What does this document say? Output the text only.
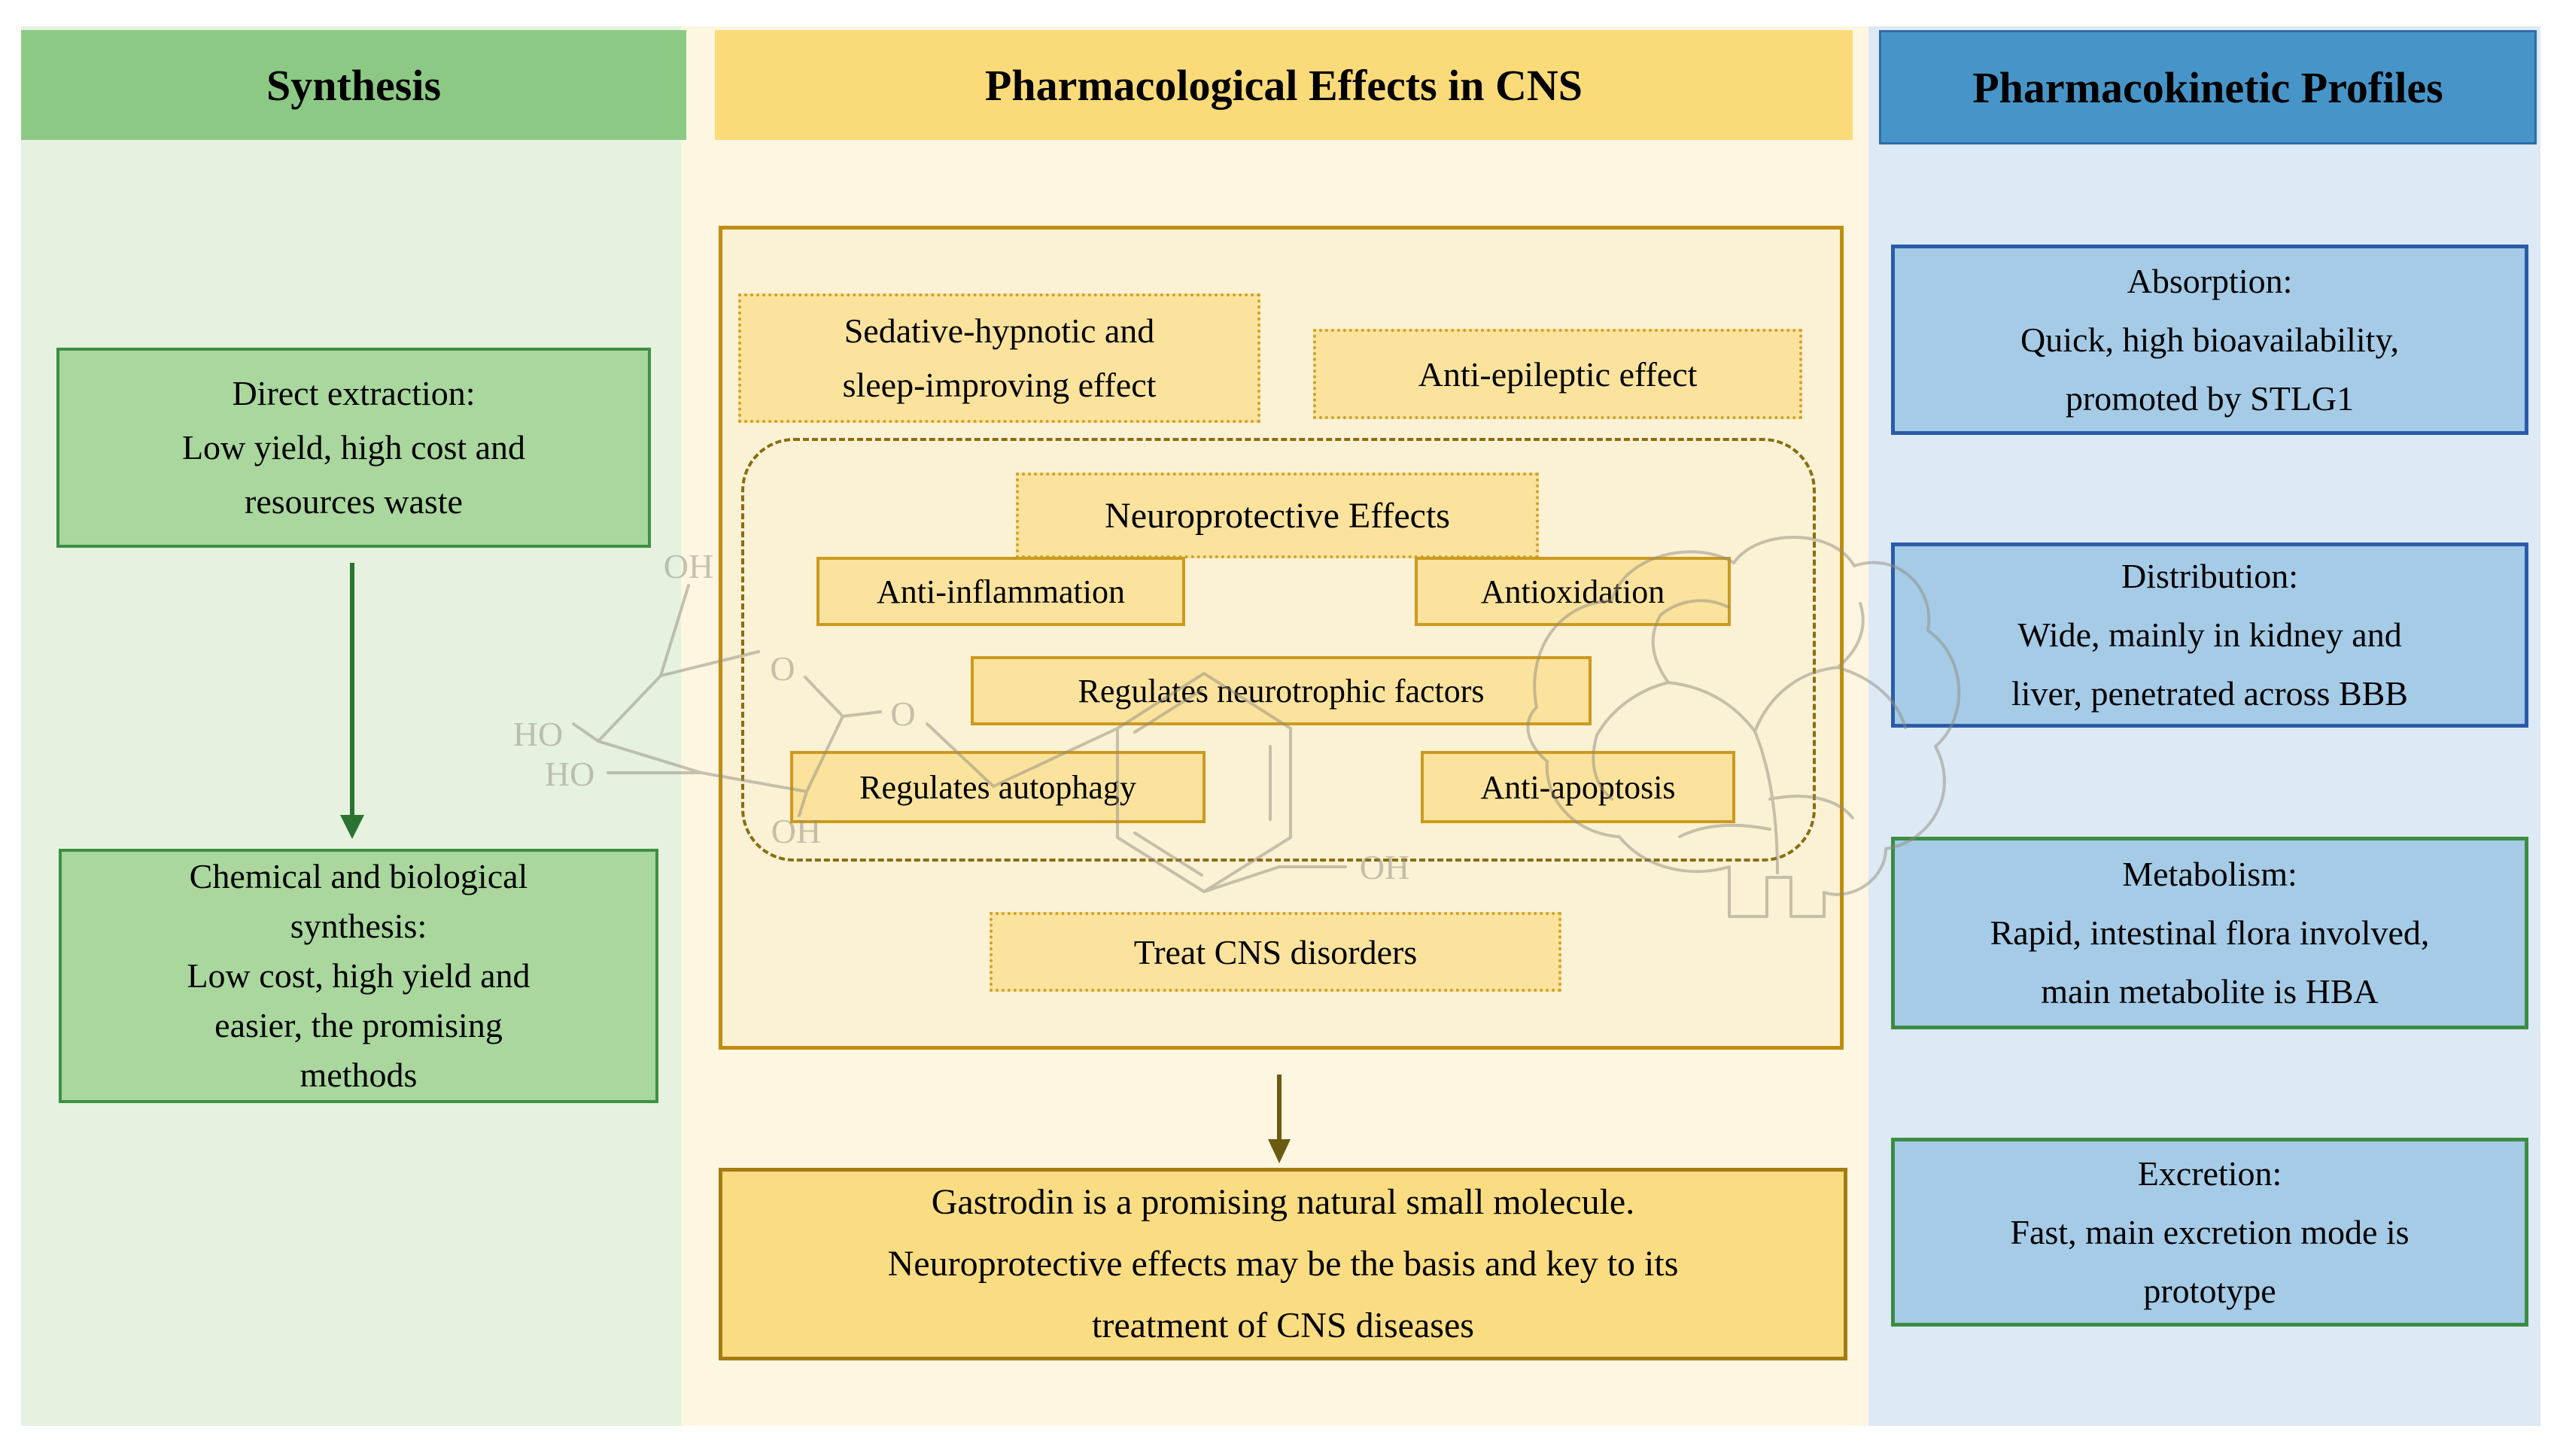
Synthesis	Pharmacological Effects in CNS	Pharmacokinetic Profiles
Direct extraction:
Low yield, high cost and
resources waste
Chemical and biological
synthesis:
Low cost, high yield and
easier, the promising
methods
Sedative-hypnotic and
sleep-improving effect	Anti-epileptic effect
Neuroprotective Effects
Anti-inflammation	Antioxidation
Regulates neurotrophic factors
Regulates autophagy	Anti-apoptosis
Treat CNS disorders
Gastrodin is a promising natural small molecule.
Neuroprotective effects may be the basis and key to its
treatment of CNS diseases
Absorption:
Quick, high bioavailability,
promoted by STLG1
Distribution:
Wide, mainly in kidney and
liver, penetrated across BBB
Metabolism:
Rapid, intestinal flora involved,
main metabolite is HBA
Excretion:
Fast, main excretion mode is
prototype
OH
HO
HO
O
O
OH
OH
